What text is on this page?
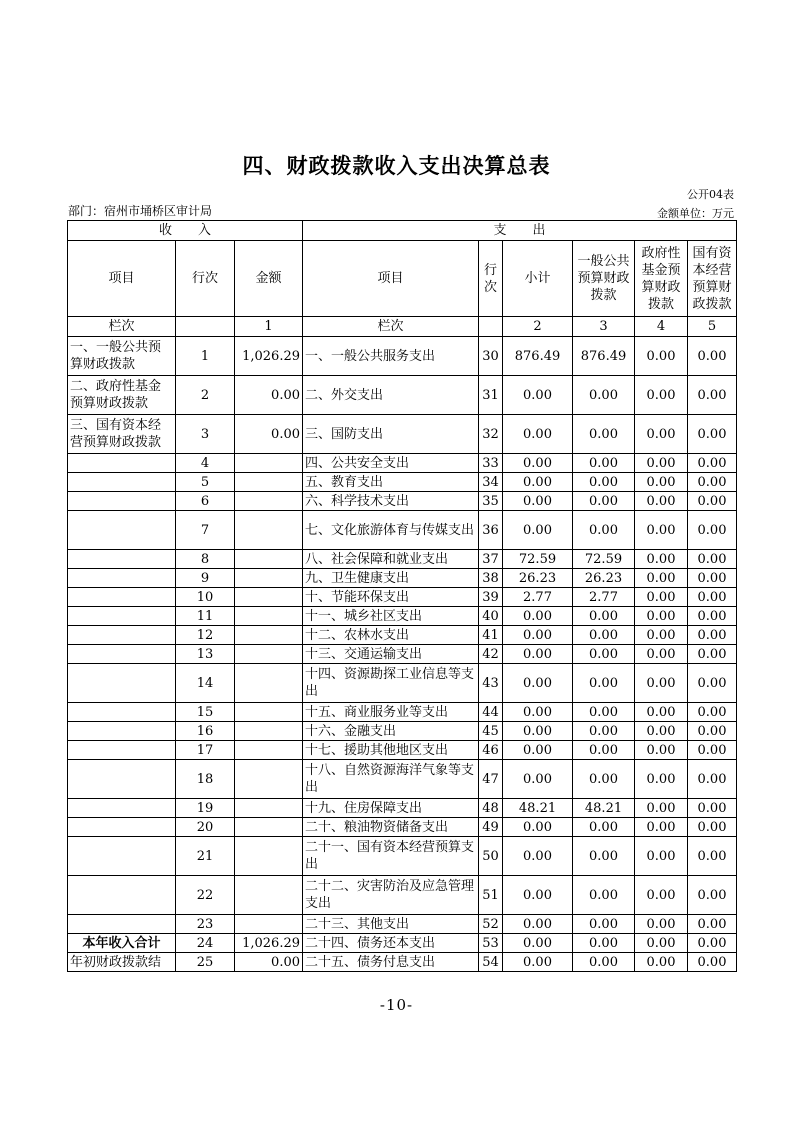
四、财政拨款收入支出决算总表
公开04表
部门：宿州市埇桥区审计局	金额单位：万元
收　　入			支　　出					
项目	行次	金额	项目	行次	小计	一般公共预算财政拨款	政府性基金预算财政拨款	国有资本经营预算财政拨款
栏次		1	栏次		2	3	4	5
一、一般公共预算财政拨款	1	1,026.29	一、一般公共服务支出	30	876.49	876.49	0.00	0.00
二、政府性基金预算财政拨款	2	0.00	二、外交支出	31	0.00	0.00	0.00	0.00
三、国有资本经营预算财政拨款	3	0.00	三、国防支出	32	0.00	0.00	0.00	0.00
	4		四、公共安全支出	33	0.00	0.00	0.00	0.00
	5		五、教育支出	34	0.00	0.00	0.00	0.00
	6		六、科学技术支出	35	0.00	0.00	0.00	0.00
	7		七、文化旅游体育与传媒支出	36	0.00	0.00	0.00	0.00
	8		八、社会保障和就业支出	37	72.59	72.59	0.00	0.00
	9		九、卫生健康支出	38	26.23	26.23	0.00	0.00
	10		十、节能环保支出	39	2.77	2.77	0.00	0.00
	11		十一、城乡社区支出	40	0.00	0.00	0.00	0.00
	12		十二、农林水支出	41	0.00	0.00	0.00	0.00
	13		十三、交通运输支出	42	0.00	0.00	0.00	0.00
	14		十四、资源勘探工业信息等支出	43	0.00	0.00	0.00	0.00
	15		十五、商业服务业等支出	44	0.00	0.00	0.00	0.00
	16		十六、金融支出	45	0.00	0.00	0.00	0.00
	17		十七、援助其他地区支出	46	0.00	0.00	0.00	0.00
	18		十八、自然资源海洋气象等支出	47	0.00	0.00	0.00	0.00
	19		十九、住房保障支出	48	48.21	48.21	0.00	0.00
	20		二十、粮油物资储备支出	49	0.00	0.00	0.00	0.00
	21		二十一、国有资本经营预算支出	50	0.00	0.00	0.00	0.00
	22		二十二、灾害防治及应急管理支出	51	0.00	0.00	0.00	0.00
	23		二十三、其他支出	52	0.00	0.00	0.00	0.00
本年收入合计	24	1,026.29	二十四、债务还本支出	53	0.00	0.00	0.00	0.00
年初财政拨款结	25	0.00	二十五、债务付息支出	54	0.00	0.00	0.00	0.00
-10-
